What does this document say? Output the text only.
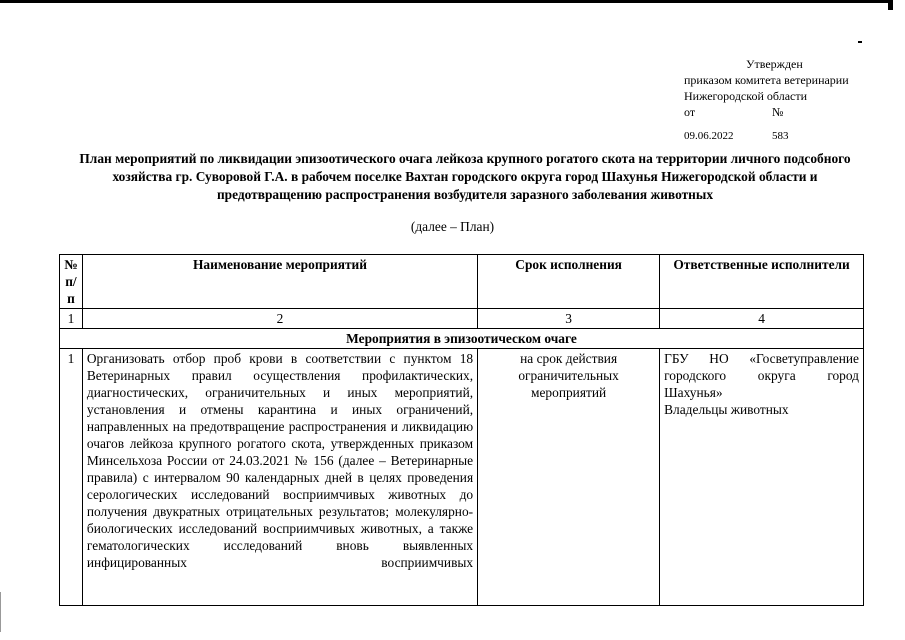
Утвержден
приказом комитета ветеринарии
Нижегородской области
от	№
09.06.2022	583
План мероприятий по ликвидации эпизоотического очага лейкоза крупного рогатого скота на территории личного подсобного хозяйства гр. Суворовой Г.А. в рабочем поселке Вахтан городского округа город Шахунья Нижегородской области и предотвращению распространения возбудителя заразного заболевания животных
(далее – План)
№ п/п	Наименование мероприятий	Срок исполнения	Ответственные исполнители
1	2	3	4
Мероприятия в эпизоотическом очаге			
1	Организовать отбор проб крови в соответствии с пунктом 18 Ветеринарных правил осуществления профилактических, диагностических, ограничительных и иных мероприятий, установления и отмены карантина и иных ограничений, направленных на предотвращение распространения и ликвидацию очагов лейкоза крупного рогатого скота, утвержденных приказом Минсельхоза России от 24.03.2021 № 156 (далее – Ветеринарные правила) с интервалом 90 календарных дней в целях проведения серологических исследований восприимчивых животных до получения двукратных отрицательных результатов; молекулярно-биологических исследований восприимчивых животных, а также гематологических исследований вновь выявленных инфицированных восприимчивых	на срок действия ограничительных мероприятий	ГБУ НО «Госветуправление городского округа город Шахунья»
Владельцы животных
